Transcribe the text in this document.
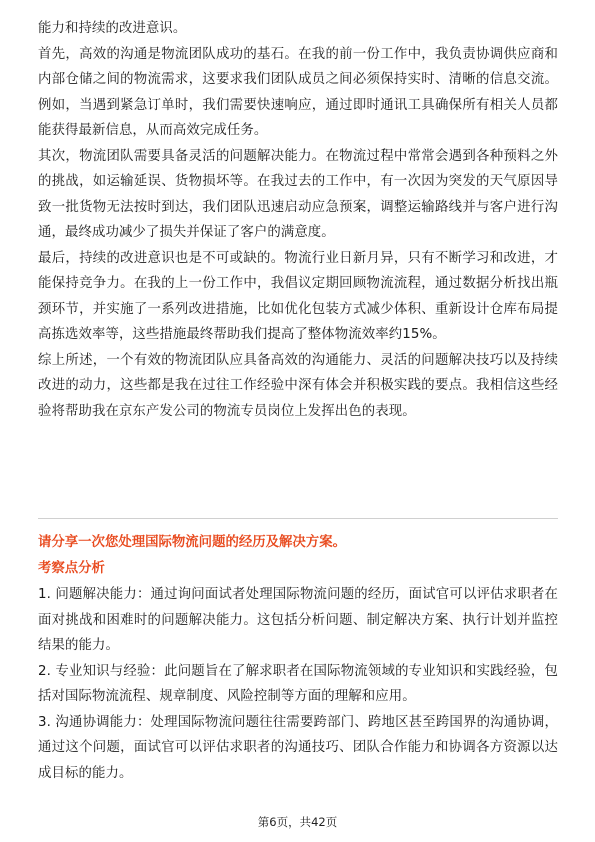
能力和持续的改进意识。

首先，高效的沟通是物流团队成功的基石。在我的前一份工作中，我负责协调供应商和内部仓储之间的物流需求，这要求我们团队成员之间必须保持实时、清晰的信息交流。例如，当遇到紧急订单时，我们需要快速响应，通过即时通讯工具确保所有相关人员都能获得最新信息，从而高效完成任务。

其次，物流团队需要具备灵活的问题解决能力。在物流过程中常常会遇到各种预料之外的挑战，如运输延误、货物损坏等。在我过去的工作中，有一次因为突发的天气原因导致一批货物无法按时到达，我们团队迅速启动应急预案，调整运输路线并与客户进行沟通，最终成功减少了损失并保证了客户的满意度。

最后，持续的改进意识也是不可或缺的。物流行业日新月异，只有不断学习和改进，才能保持竞争力。在我的上一份工作中，我倡议定期回顾物流流程，通过数据分析找出瓶颈环节，并实施了一系列改进措施，比如优化包装方式减少体积、重新设计仓库布局提高拣选效率等，这些措施最终帮助我们提高了整体物流效率约15%。

综上所述，一个有效的物流团队应具备高效的沟通能力、灵活的问题解决技巧以及持续改进的动力，这些都是我在过往工作经验中深有体会并积极实践的要点。我相信这些经验将帮助我在京东产发公司的物流专员岗位上发挥出色的表现。

请分享一次您处理国际物流问题的经历及解决方案。

考察点分析

1. 问题解决能力：通过询问面试者处理国际物流问题的经历，面试官可以评估求职者在面对挑战和困难时的问题解决能力。这包括分析问题、制定解决方案、执行计划并监控结果的能力。

2. 专业知识与经验：此问题旨在了解求职者在国际物流领域的专业知识和实践经验，包括对国际物流流程、规章制度、风险控制等方面的理解和应用。

3. 沟通协调能力：处理国际物流问题往往需要跨部门、跨地区甚至跨国界的沟通协调，通过这个问题，面试官可以评估求职者的沟通技巧、团队合作能力和协调各方资源以达成目标的能力。

第6页，共42页
